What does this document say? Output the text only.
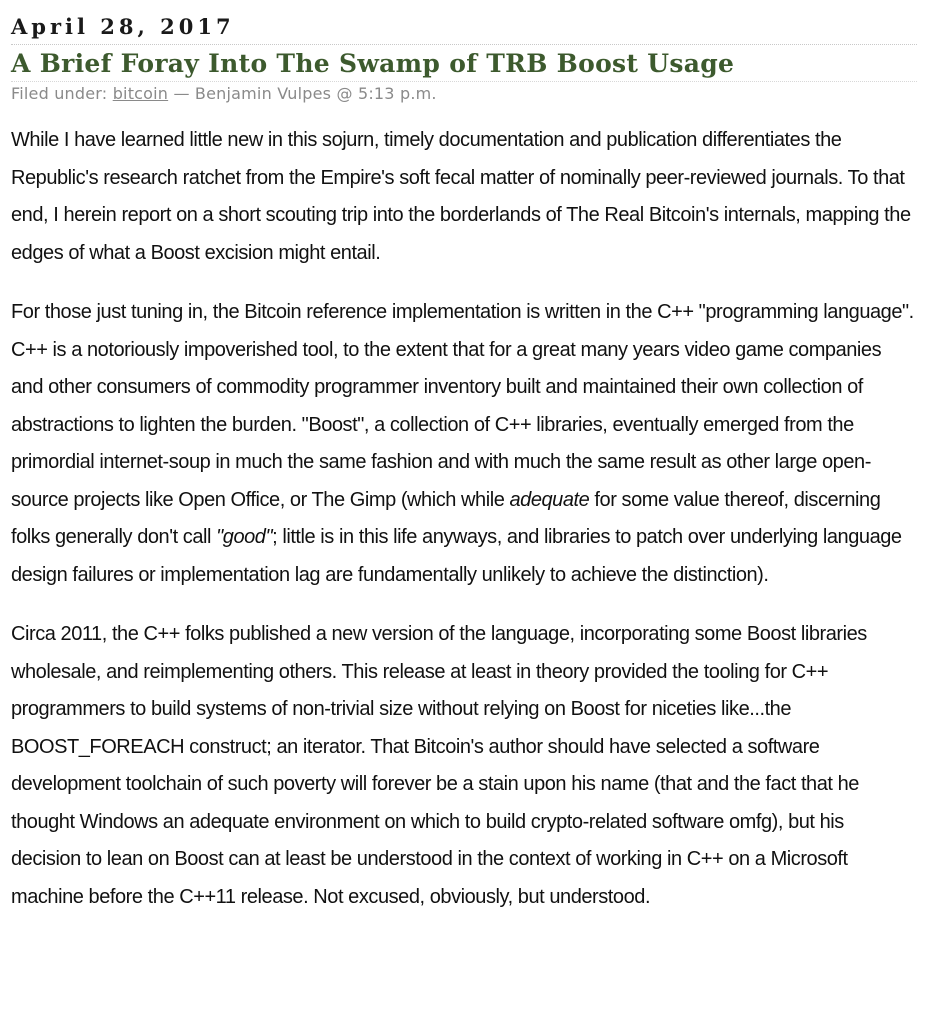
April 28, 2017
A Brief Foray Into The Swamp of TRB Boost Usage
Filed under: bitcoin — Benjamin Vulpes @ 5:13 p.m.

While I have learned little new in this sojurn, timely documentation and publication differentiates the Republic's research ratchet from the Empire's soft fecal matter of nominally peer-reviewed journals. To that end, I herein report on a short scouting trip into the borderlands of The Real Bitcoin's internals, mapping the edges of what a Boost excision might entail.

For those just tuning in, the Bitcoin reference implementation is written in the C++ "programming language". C++ is a notoriously impoverished tool, to the extent that for a great many years video game companies and other consumers of commodity programmer inventory built and maintained their own collection of abstractions to lighten the burden. "Boost", a collection of C++ libraries, eventually emerged from the primordial internet-soup in much the same fashion and with much the same result as other large open-source projects like Open Office, or The Gimp (which while adequate for some value thereof, discerning folks generally don't call "good"; little is in this life anyways, and libraries to patch over underlying language design failures or implementation lag are fundamentally unlikely to achieve the distinction).

Circa 2011, the C++ folks published a new version of the language, incorporating some Boost libraries wholesale, and reimplementing others. This release at least in theory provided the tooling for C++ programmers to build systems of non-trivial size without relying on Boost for niceties like...the BOOST_FOREACH construct; an iterator. That Bitcoin's author should have selected a software development toolchain of such poverty will forever be a stain upon his name (that and the fact that he thought Windows an adequate environment on which to build crypto-related software omfg), but his decision to lean on Boost can at least be understood in the context of working in C++ on a Microsoft machine before the C++11 release. Not excused, obviously, but understood.
